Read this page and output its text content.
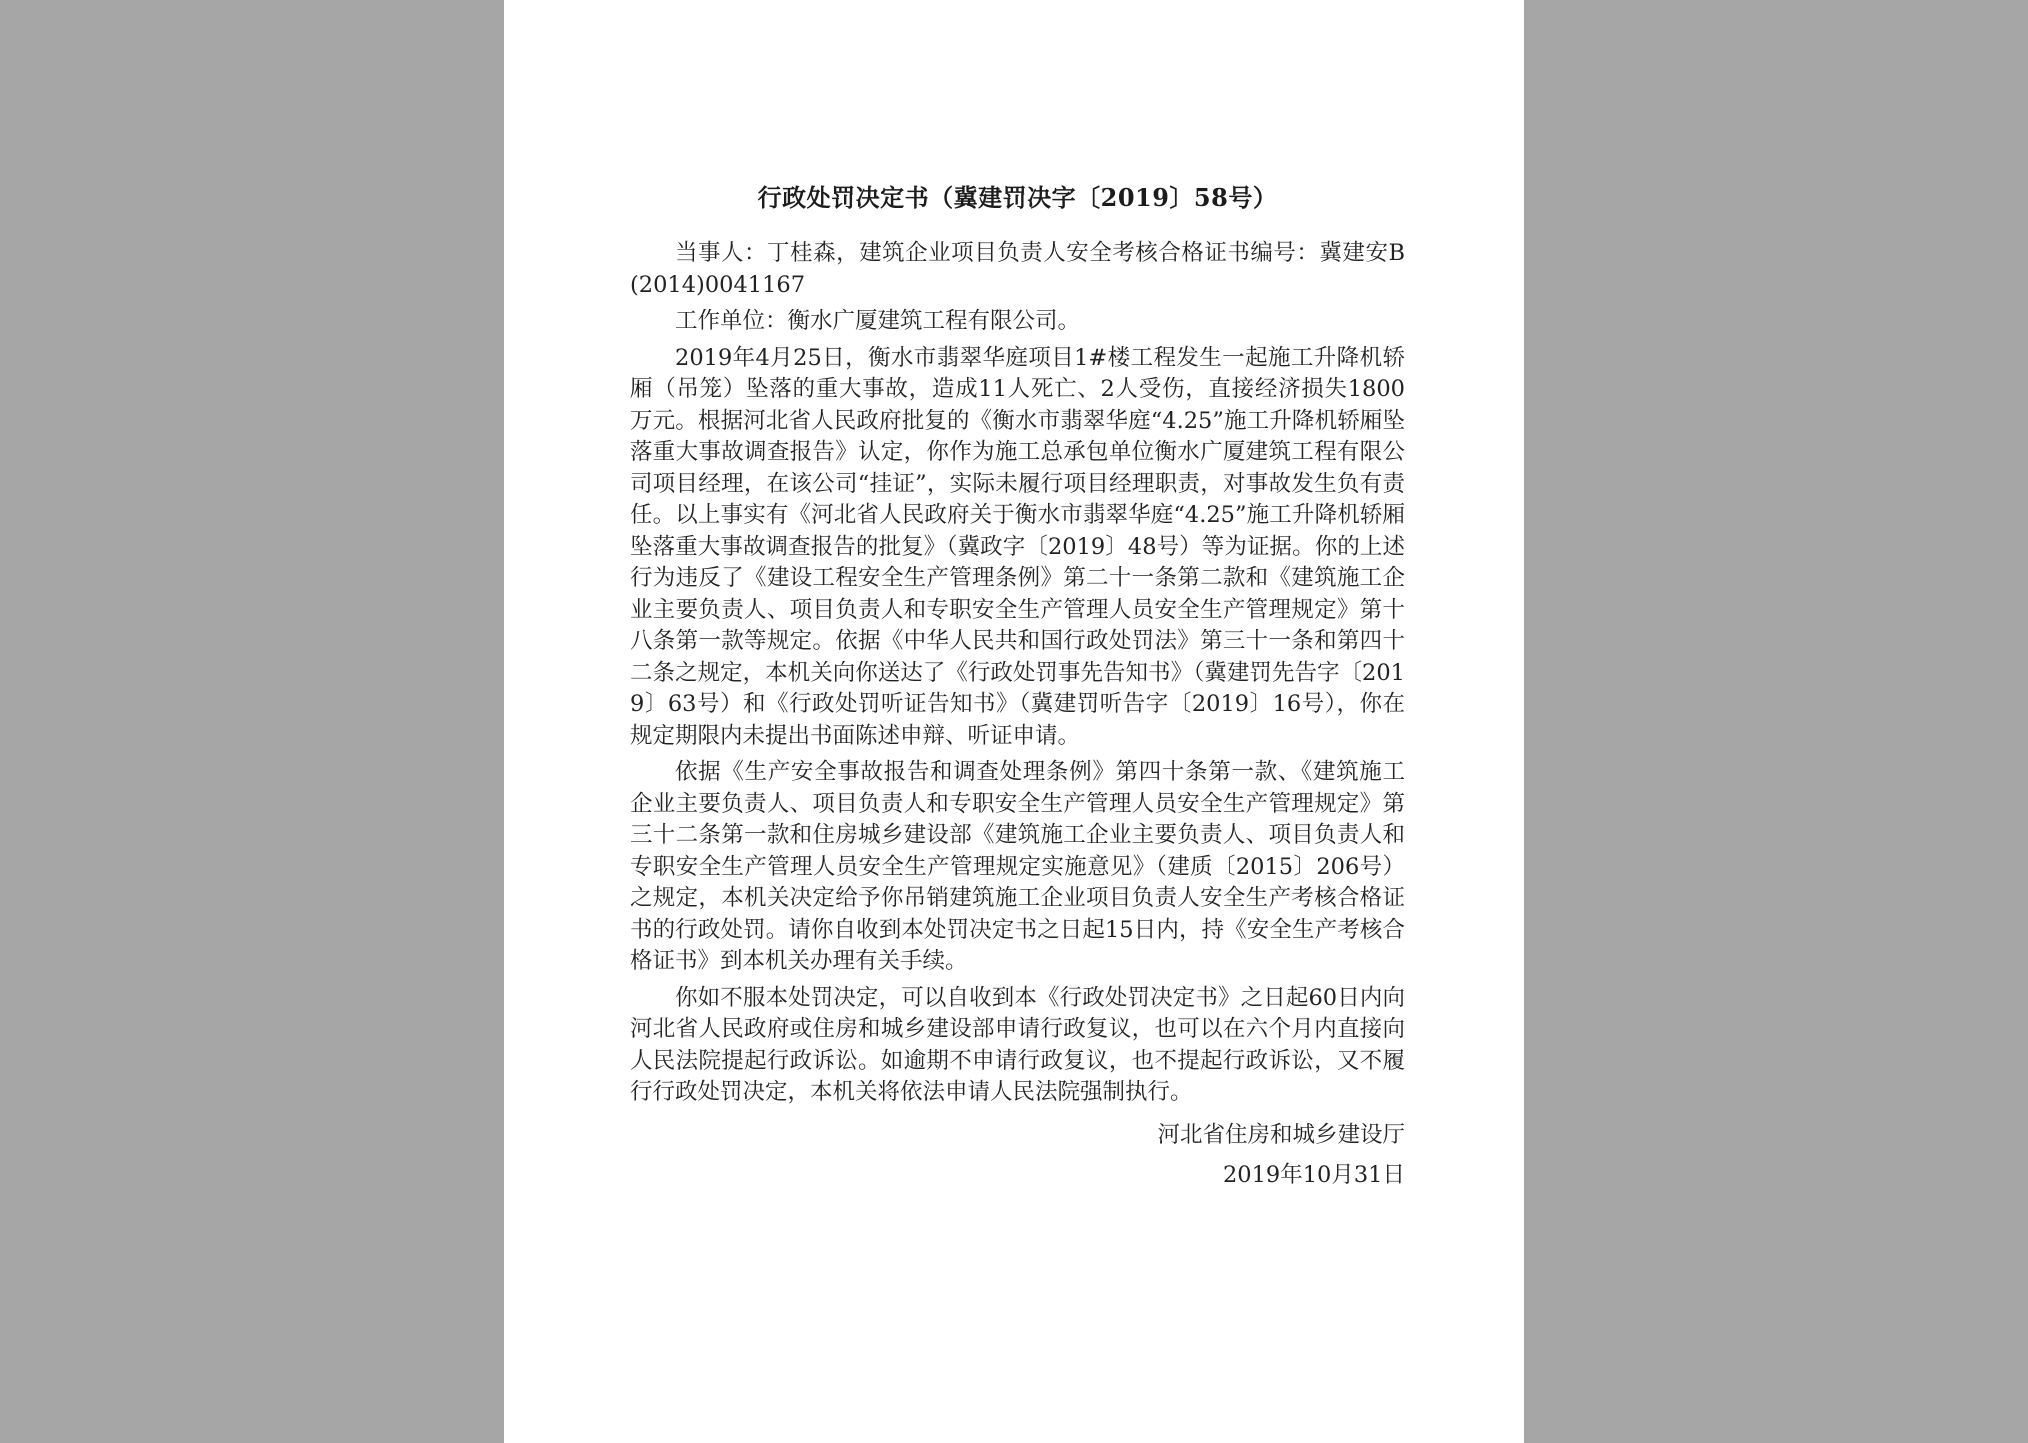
行政处罚决定书（冀建罚决字〔2019〕58号）

当事人：丁桂森，建筑企业项目负责人安全考核合格证书编号：冀建安B(2014)0041167

工作单位：衡水广厦建筑工程有限公司。

2019年4月25日，衡水市翡翠华庭项目1#楼工程发生一起施工升降机轿厢（吊笼）坠落的重大事故，造成11人死亡、2人受伤，直接经济损失1800万元。根据河北省人民政府批复的《衡水市翡翠华庭“4.25”施工升降机轿厢坠落重大事故调查报告》认定，你作为施工总承包单位衡水广厦建筑工程有限公司项目经理，在该公司“挂证”，实际未履行项目经理职责，对事故发生负有责任。以上事实有《河北省人民政府关于衡水市翡翠华庭“4.25”施工升降机轿厢坠落重大事故调查报告的批复》（冀政字〔2019〕48号）等为证据。你的上述行为违反了《建设工程安全生产管理条例》第二十一条第二款和《建筑施工企业主要负责人、项目负责人和专职安全生产管理人员安全生产管理规定》第十八条第一款等规定。依据《中华人民共和国行政处罚法》第三十一条和第四十二条之规定，本机关向你送达了《行政处罚事先告知书》（冀建罚先告字〔2019〕63号）和《行政处罚听证告知书》（冀建罚听告字〔2019〕16号），你在规定期限内未提出书面陈述申辩、听证申请。

依据《生产安全事故报告和调查处理条例》第四十条第一款、《建筑施工企业主要负责人、项目负责人和专职安全生产管理人员安全生产管理规定》第三十二条第一款和住房城乡建设部《建筑施工企业主要负责人、项目负责人和专职安全生产管理人员安全生产管理规定实施意见》（建质〔2015〕206号）之规定，本机关决定给予你吊销建筑施工企业项目负责人安全生产考核合格证书的行政处罚。请你自收到本处罚决定书之日起15日内，持《安全生产考核合格证书》到本机关办理有关手续。

你如不服本处罚决定，可以自收到本《行政处罚决定书》之日起60日内向河北省人民政府或住房和城乡建设部申请行政复议，也可以在六个月内直接向人民法院提起行政诉讼。如逾期不申请行政复议，也不提起行政诉讼，又不履行行政处罚决定，本机关将依法申请人民法院强制执行。

河北省住房和城乡建设厅

2019年10月31日
